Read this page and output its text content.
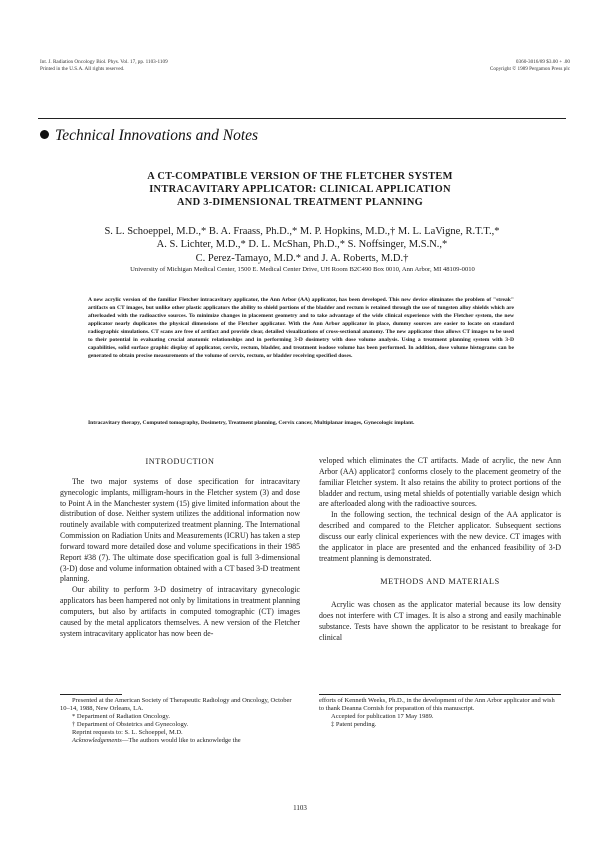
Int. J. Radiation Oncology Biol. Phys. Vol. 17, pp. 1103-1109
Printed in the U.S.A. All rights reserved.
0360-3016/89 $3.00 + .00
Copyright © 1989 Pergamon Press plc
Technical Innovations and Notes
A CT-COMPATIBLE VERSION OF THE FLETCHER SYSTEM
INTRACAVITARY APPLICATOR: CLINICAL APPLICATION
AND 3-DIMENSIONAL TREATMENT PLANNING
S. L. Schoeppel, M.D.,* B. A. Fraass, Ph.D.,* M. P. Hopkins, M.D.,† M. L. LaVigne, R.T.T.,*
A. S. Lichter, M.D.,* D. L. McShan, Ph.D.,* S. Noffsinger, M.S.N.,*
C. Perez-Tamayo, M.D.* and J. A. Roberts, M.D.†
University of Michigan Medical Center, 1500 E. Medical Center Drive, UH Room B2C490 Box 0010, Ann Arbor, MI 48109-0010
A new acrylic version of the familiar Fletcher intracavitary applicator, the Ann Arbor (AA) applicator, has been developed. This new device eliminates the problem of "streak" artifacts on CT images, but unlike other plastic applicators the ability to shield portions of the bladder and rectum is retained through the use of tungsten alloy shields which are afterloaded with the radioactive sources. To minimize changes in placement geometry and to take advantage of the wide clinical experience with the Fletcher system, the new applicator nearly duplicates the physical dimensions of the Fletcher applicator. With the Ann Arbor applicator in place, dummy sources are easier to locate on standard radiographic simulations. CT scans are free of artifact and provide clear, detailed visualizations of cross-sectional anatomy. The new applicator thus allows CT images to be used to their potential in evaluating crucial anatomic relationships and in performing 3-D dosimetry with dose volume analysis. Using a treatment planning system with 3-D capabilities, solid surface graphic display of applicator, cervix, rectum, bladder, and treatment isodose volume has been performed. In addition, dose volume histograms can be generated to obtain precise measurements of the volume of cervix, rectum, or bladder receiving specified doses.
Intracavitary therapy, Computed tomography, Dosimetry, Treatment planning, Cervix cancer, Multiplanar images, Gynecologic implant.

INTRODUCTION

The two major systems of dose specification for intracavitary gynecologic implants, milligram-hours in the Fletcher system (3) and dose to Point A in the Manchester system (15) give limited information about the distribution of dose. Neither system utilizes the additional information now routinely available with computerized treatment planning. The International Commission on Radiation Units and Measurements (ICRU) has taken a step forward toward more detailed dose and volume specifications in their 1985 Report #38 (7). The ultimate dose specification goal is full 3-dimensional (3-D) dose and volume information obtained with a CT based 3-D treatment planning.

Our ability to perform 3-D dosimetry of intracavitary gynecologic applicators has been hampered not only by limitations in treatment planning computers, but also by artifacts in computed tomographic (CT) images caused by the metal applicators themselves. A new version of the Fletcher system intracavitary applicator has now been de-

veloped which eliminates the CT artifacts. Made of acrylic, the new Ann Arbor (AA) applicator‡ conforms closely to the placement geometry of the familiar Fletcher system. It also retains the ability to protect portions of the bladder and rectum, using metal shields of potentially variable design which are afterloaded along with the radioactive sources.

In the following section, the technical design of the AA applicator is described and compared to the Fletcher applicator. Subsequent sections discuss our early clinical experiences with the new device. CT images with the applicator in place are presented and the enhanced feasibility of 3-D treatment planning is demonstrated.

METHODS AND MATERIALS

Acrylic was chosen as the applicator material because its low density does not interfere with CT images. It is also a strong and easily machinable substance. Tests have shown the applicator to be resistant to breakage for clinical

Presented at the American Society of Therapeutic Radiology and Oncology, October 10–14, 1988, New Orleans, LA.

* Department of Radiation Oncology.

† Department of Obstetrics and Gynecology.

Reprint requests to: S. L. Schoeppel, M.D.

Acknowledgements—The authors would like to acknowledge the

efforts of Kenneth Weeks, Ph.D., in the development of the Ann Arbor applicator and wish to thank Deanna Cornish for preparation of this manuscript.

Accepted for publication 17 May 1989.

‡ Patent pending.

1103
